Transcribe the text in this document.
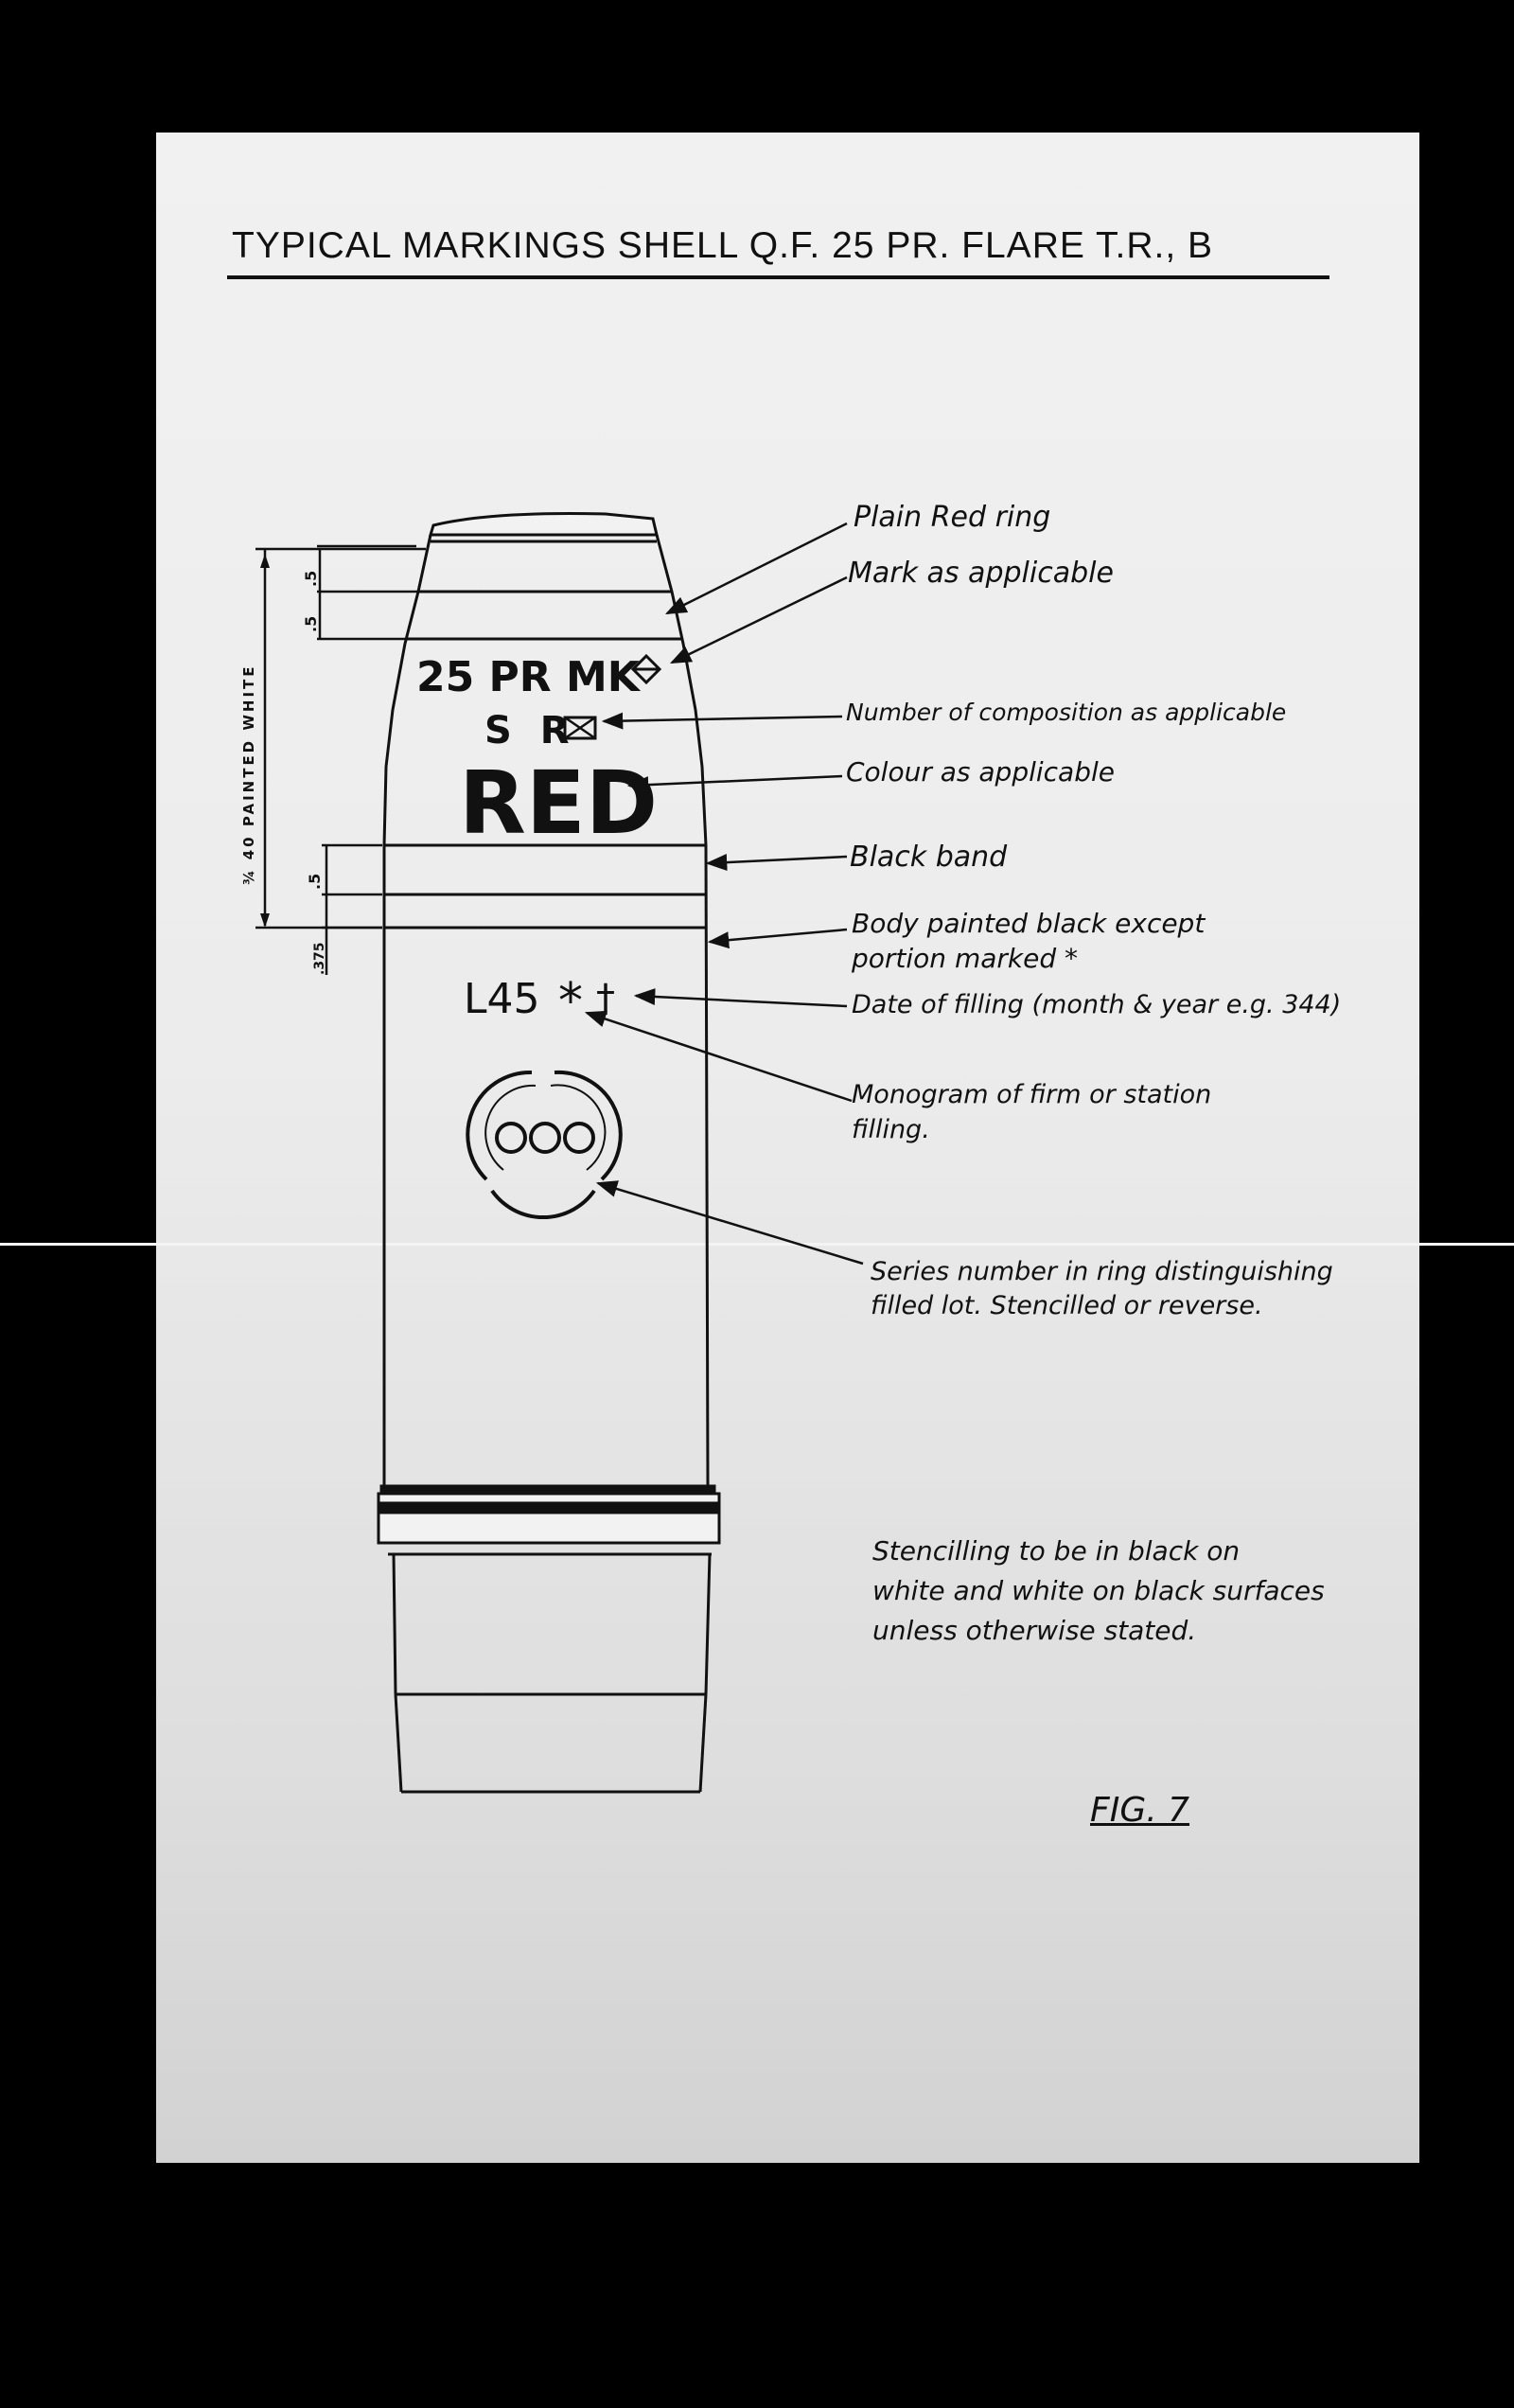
TYPICAL MARKINGS SHELL Q.F. 25 PR. FLARE T.R., B
25 PR MK
S R
RED
L45 * †
¾ 40 PAINTED WHITE
.5
.5
.5
.375
Plain Red ring
Mark as applicable
Number of composition as applicable
Colour as applicable
Black band
Body painted black except
portion marked *
Date of filling (month & year e.g. 344)
Monogram of firm or station
filling.
Series number in ring distinguishing
filled lot. Stencilled or reverse.
Stencilling to be in black on
white and white on black surfaces
unless otherwise stated.
FIG. 7
